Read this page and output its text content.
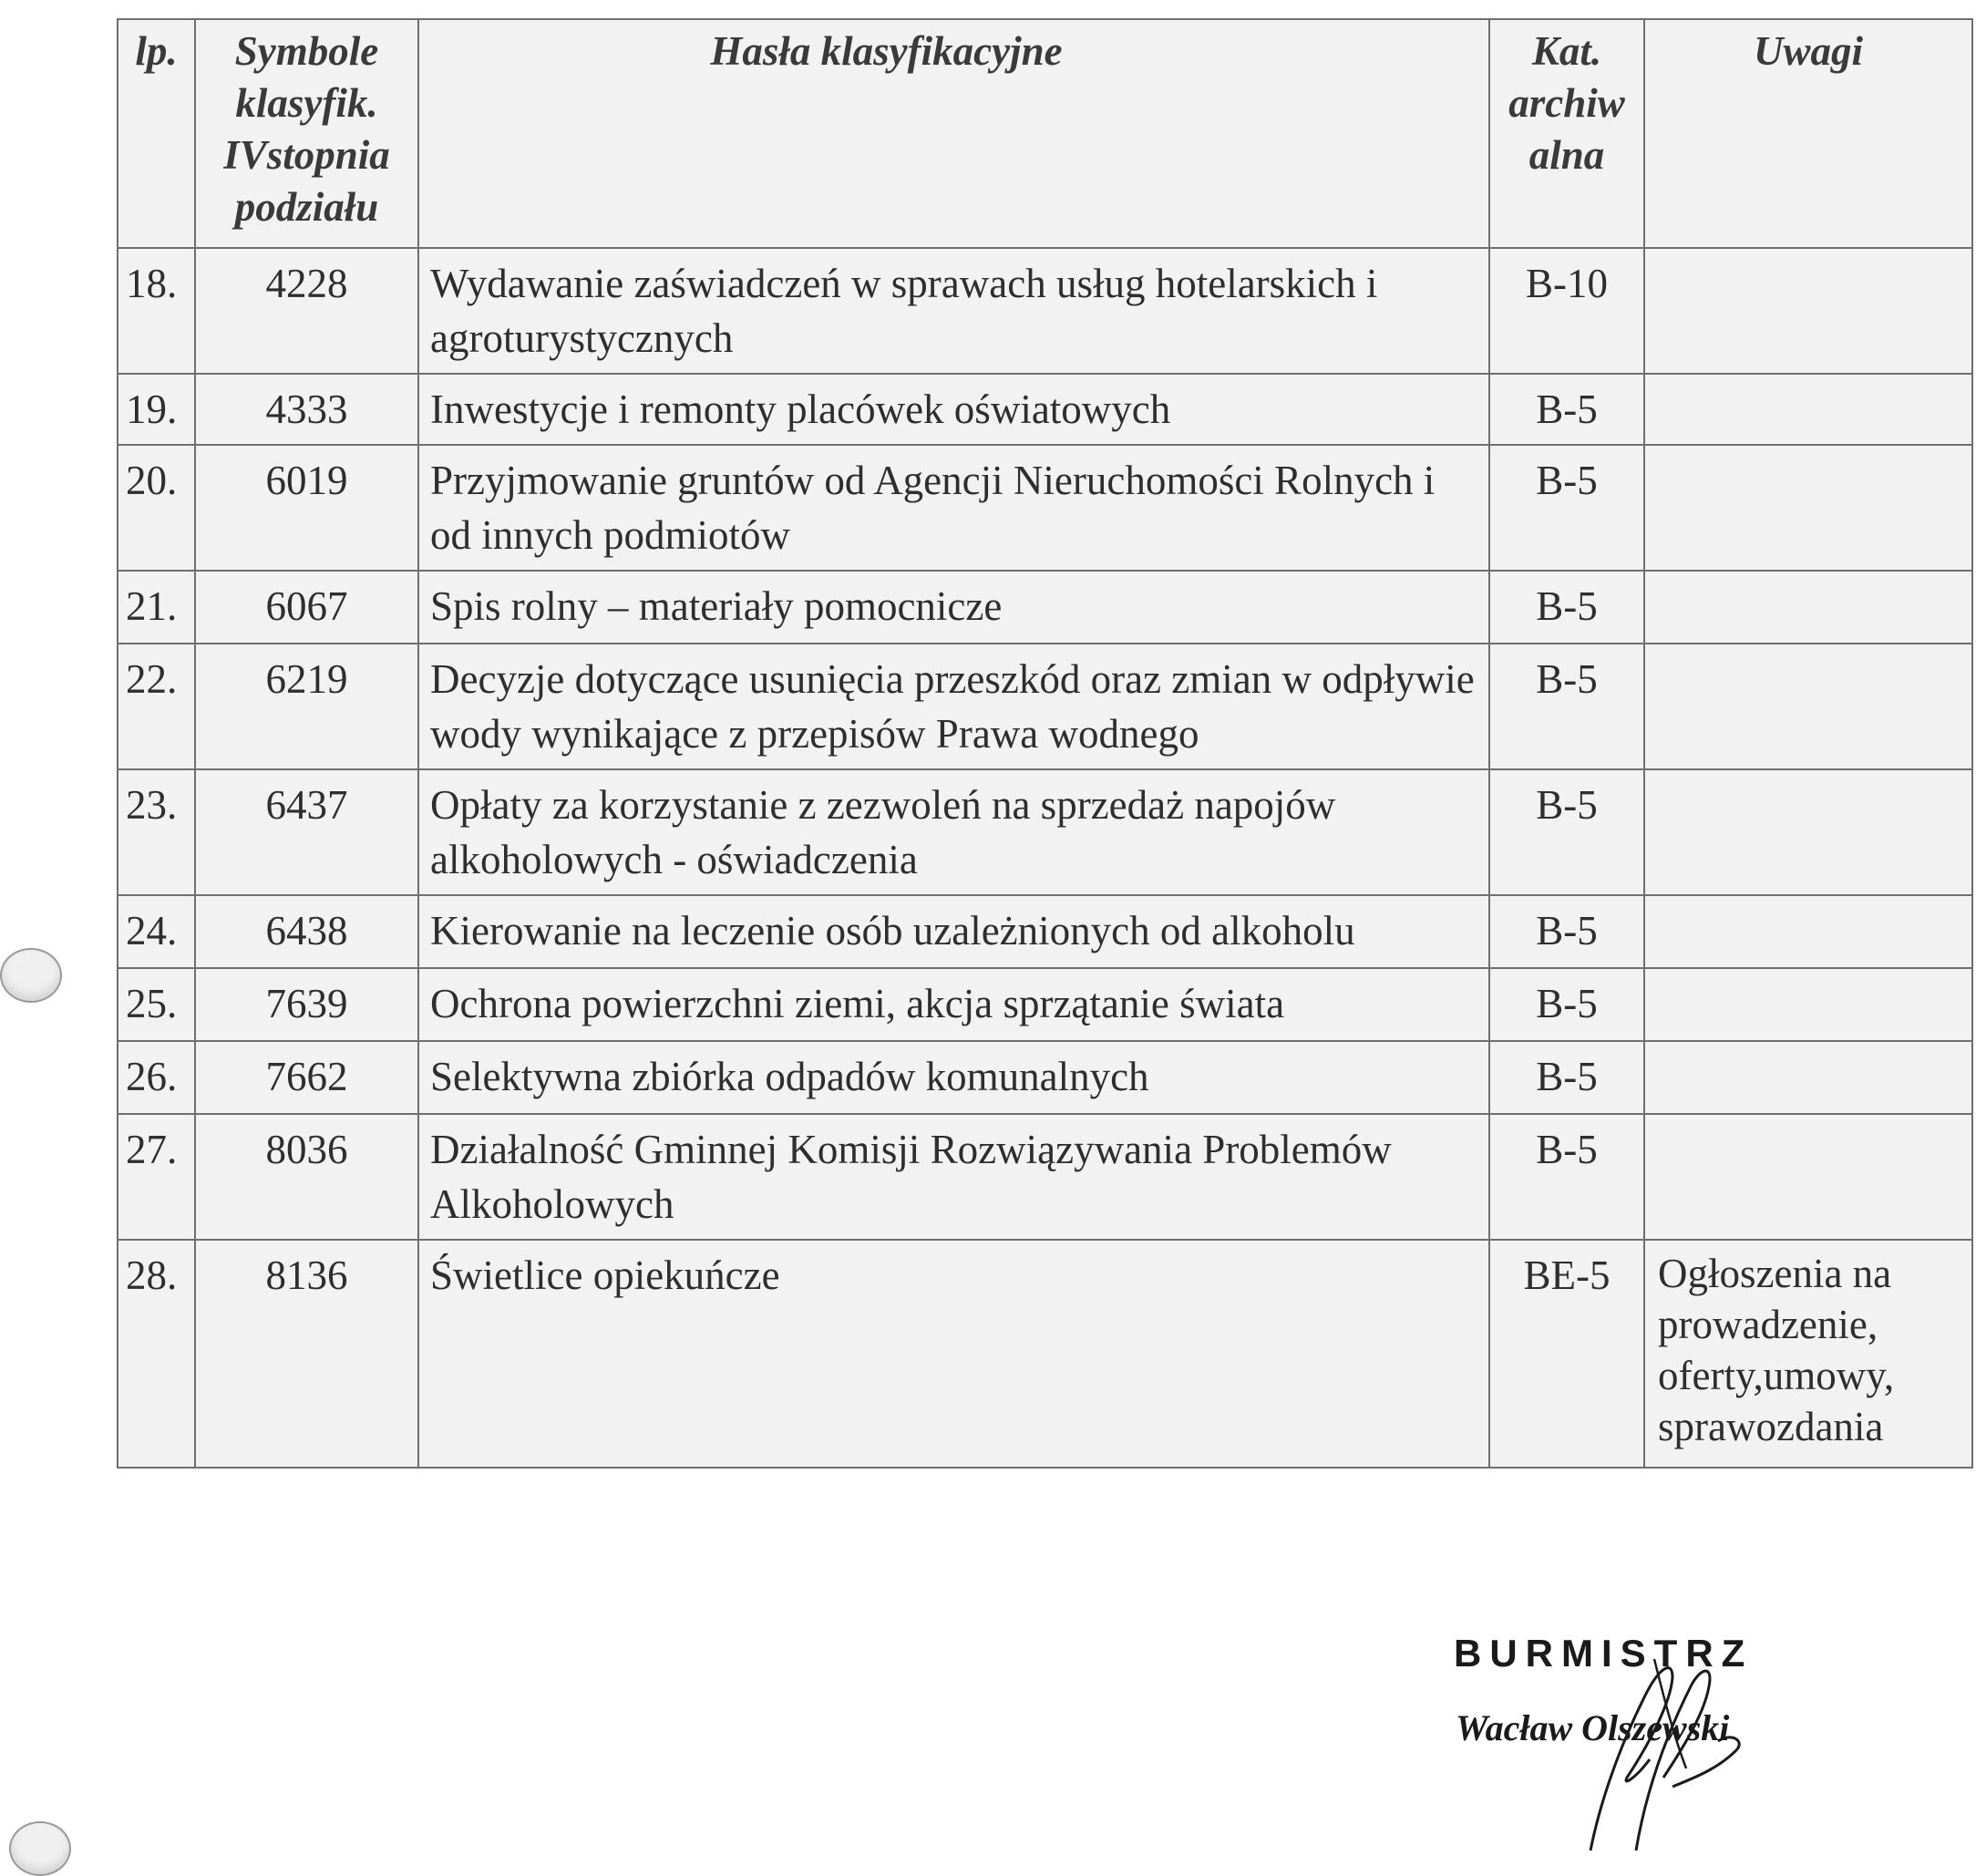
lp.	Symbole klasyfik. IVstopnia podziału	Hasła klasyfikacyjne	Kat. archiw alna	Uwagi
18.	4228	Wydawanie zaświadczeń w sprawach usług hotelarskich i agroturystycznych	B-10	
19.	4333	Inwestycje i remonty placówek oświatowych	B-5	
20.	6019	Przyjmowanie gruntów od Agencji Nieruchomości Rolnych i od innych podmiotów	B-5	
21.	6067	Spis rolny – materiały pomocnicze	B-5	
22.	6219	Decyzje dotyczące usunięcia przeszkód oraz zmian w odpływie wody wynikające z przepisów Prawa wodnego	B-5	
23.	6437	Opłaty za korzystanie z zezwoleń na sprzedaż napojów alkoholowych - oświadczenia	B-5	
24.	6438	Kierowanie na leczenie osób uzależnionych od alkoholu	B-5	
25.	7639	Ochrona powierzchni ziemi, akcja sprzątanie świata	B-5	
26.	7662	Selektywna zbiórka odpadów komunalnych	B-5	
27.	8036	Działalność Gminnej Komisji Rozwiązywania Problemów Alkoholowych	B-5	
28.	8136	Świetlice opiekuńcze	BE-5	Ogłoszenia na prowadzenie, oferty,umowy, sprawozdania
BURMISTRZ
Wacław Olszewski
